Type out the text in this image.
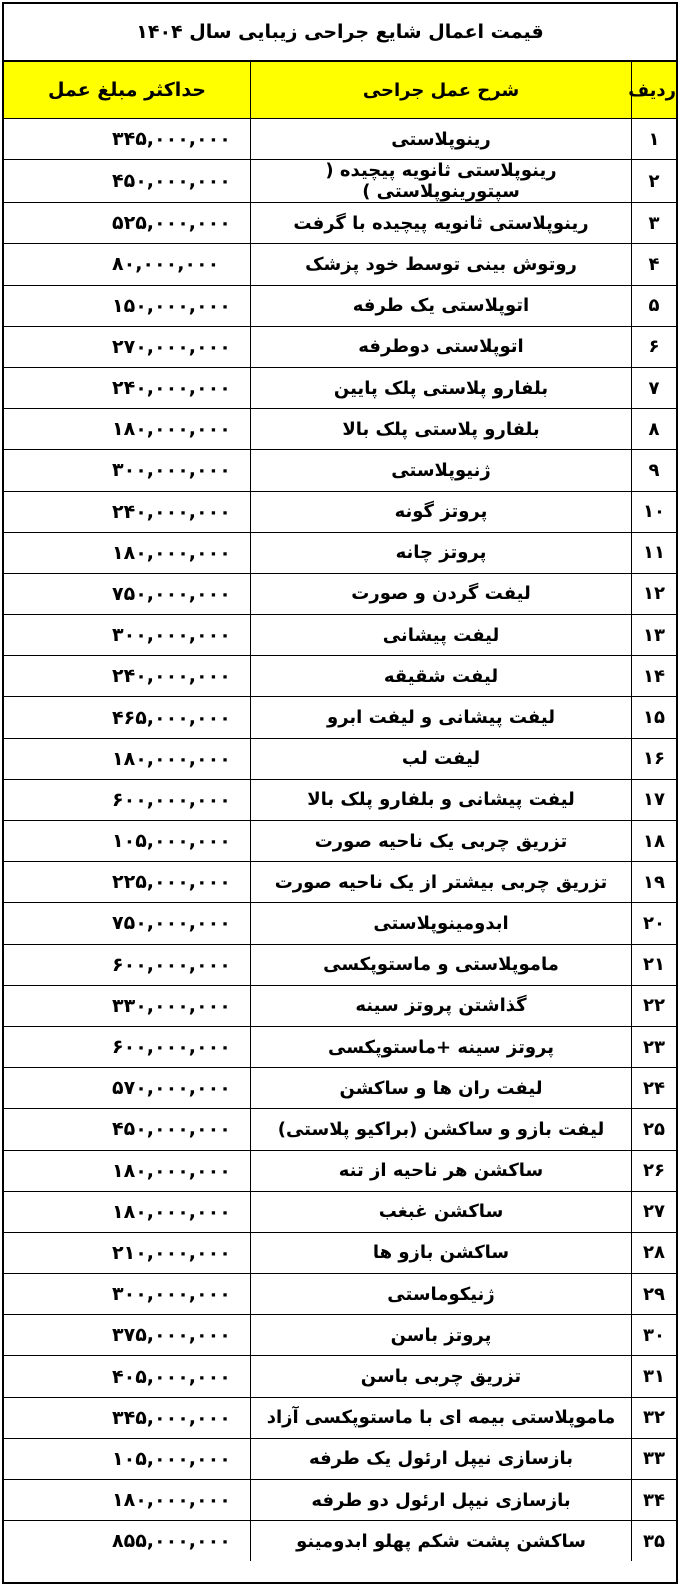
قیمت اعمال شایع جراحی زیبایی سال ۱۴۰۴
ردیف	شرح عمل جراحی	حداکثر مبلغ عمل
۱	رینوپلاستی	۳۴۵,۰۰۰,۰۰۰
۲	رینوپلاستی ثانویه پیچیده ( سپتورینوپلاستی )	۴۵۰,۰۰۰,۰۰۰
۳	رینوپلاستی ثانویه پیچیده با گرفت	۵۲۵,۰۰۰,۰۰۰
۴	روتوش بینی توسط خود پزشک	۸۰,۰۰۰,۰۰۰
۵	اتوپلاستی یک طرفه	۱۵۰,۰۰۰,۰۰۰
۶	اتوپلاستی دوطرفه	۲۷۰,۰۰۰,۰۰۰
۷	بلفارو پلاستی پلک پایین	۲۴۰,۰۰۰,۰۰۰
۸	بلفارو پلاستی پلک بالا	۱۸۰,۰۰۰,۰۰۰
۹	ژنیوپلاستی	۳۰۰,۰۰۰,۰۰۰
۱۰	پروتز گونه	۲۴۰,۰۰۰,۰۰۰
۱۱	پروتز چانه	۱۸۰,۰۰۰,۰۰۰
۱۲	لیفت گردن و صورت	۷۵۰,۰۰۰,۰۰۰
۱۳	لیفت پیشانی	۳۰۰,۰۰۰,۰۰۰
۱۴	لیفت شقیقه	۲۴۰,۰۰۰,۰۰۰
۱۵	لیفت پیشانی و لیفت ابرو	۴۶۵,۰۰۰,۰۰۰
۱۶	لیفت لب	۱۸۰,۰۰۰,۰۰۰
۱۷	لیفت پیشانی و بلفارو پلک بالا	۶۰۰,۰۰۰,۰۰۰
۱۸	تزریق چربی یک ناحیه صورت	۱۰۵,۰۰۰,۰۰۰
۱۹	تزریق چربی بیشتر از یک ناحیه صورت	۲۲۵,۰۰۰,۰۰۰
۲۰	ابدومینوپلاستی	۷۵۰,۰۰۰,۰۰۰
۲۱	ماموپلاستی و ماستوپکسی	۶۰۰,۰۰۰,۰۰۰
۲۲	گذاشتن پروتز سینه	۳۳۰,۰۰۰,۰۰۰
۲۳	پروتز سینه +ماستوپکسی	۶۰۰,۰۰۰,۰۰۰
۲۴	لیفت ران ها و ساکشن	۵۷۰,۰۰۰,۰۰۰
۲۵	لیفت بازو و ساکشن (براکیو پلاستی)	۴۵۰,۰۰۰,۰۰۰
۲۶	ساکشن هر ناحیه از تنه	۱۸۰,۰۰۰,۰۰۰
۲۷	ساکشن غبغب	۱۸۰,۰۰۰,۰۰۰
۲۸	ساکشن بازو ها	۲۱۰,۰۰۰,۰۰۰
۲۹	ژنیکوماستی	۳۰۰,۰۰۰,۰۰۰
۳۰	پروتز باسن	۳۷۵,۰۰۰,۰۰۰
۳۱	تزریق چربی باسن	۴۰۵,۰۰۰,۰۰۰
۳۲	ماموپلاستی بیمه ای با ماستوپکسی آزاد	۳۴۵,۰۰۰,۰۰۰
۳۳	بازسازی نیپل ارئول یک طرفه	۱۰۵,۰۰۰,۰۰۰
۳۴	بازسازی نیپل ارئول دو طرفه	۱۸۰,۰۰۰,۰۰۰
۳۵	ساکشن پشت شکم پهلو ابدومینو	۸۵۵,۰۰۰,۰۰۰
